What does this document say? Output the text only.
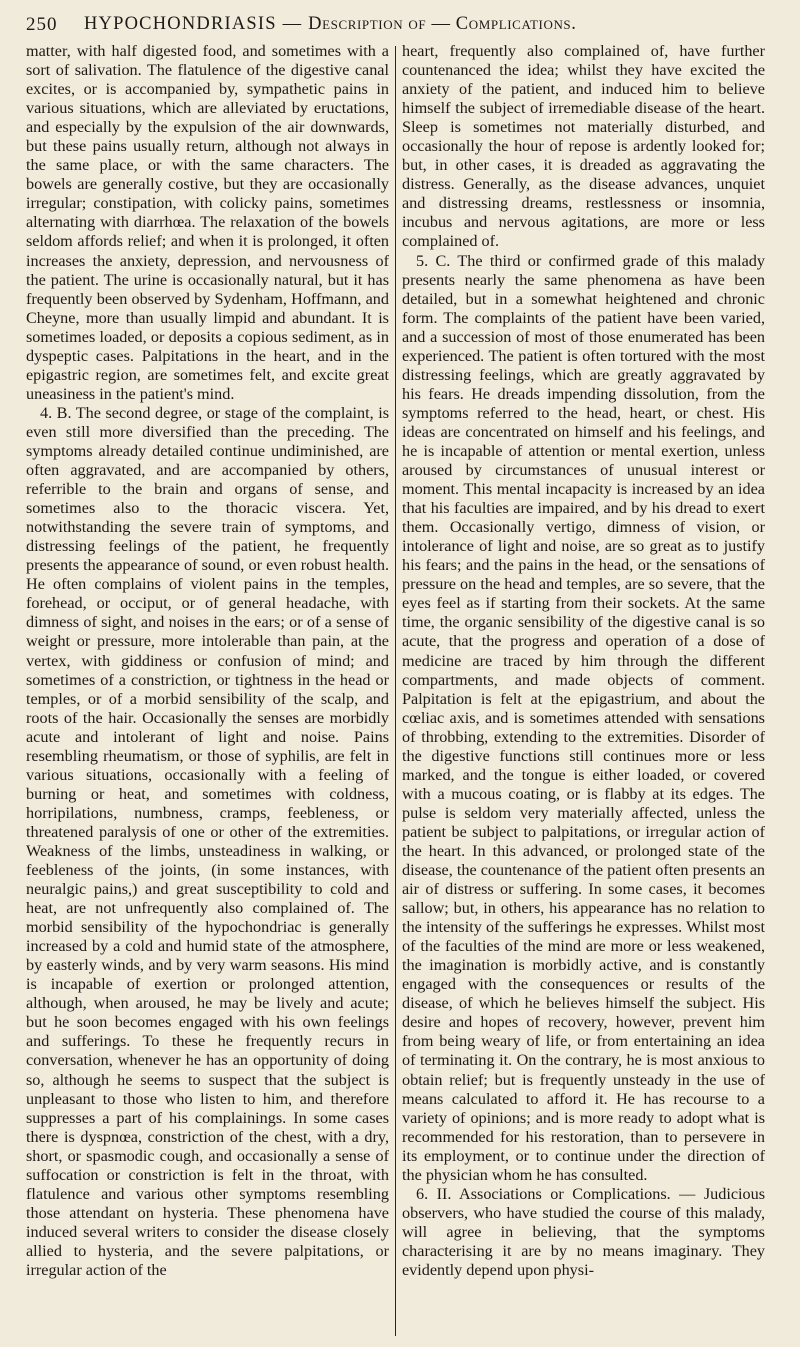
250 HYPOCHONDRIASIS — Description of — Complications.

matter, with half digested food, and sometimes with a sort of salivation. The flatulence of the digestive canal excites, or is accompanied by, sympathetic pains in various situations, which are alleviated by eructations, and especially by the expulsion of the air downwards, but these pains usually return, although not always in the same place, or with the same characters. The bowels are generally costive, but they are occasionally irregular; constipation, with colicky pains, sometimes alternating with diarrhœa. The relaxation of the bowels seldom affords relief; and when it is prolonged, it often increases the anxiety, depression, and nervousness of the patient. The urine is occasionally natural, but it has frequently been observed by Sydenham, Hoffmann, and Cheyne, more than usually limpid and abundant. It is sometimes loaded, or deposits a copious sediment, as in dyspeptic cases. Palpitations in the heart, and in the epigastric region, are sometimes felt, and excite great uneasiness in the patient's mind.

4. B. The second degree, or stage of the complaint, is even still more diversified than the preceding. The symptoms already detailed continue undiminished, are often aggravated, and are accompanied by others, referrible to the brain and organs of sense, and sometimes also to the thoracic viscera. Yet, notwithstanding the severe train of symptoms, and distressing feelings of the patient, he frequently presents the appearance of sound, or even robust health. He often complains of violent pains in the temples, forehead, or occiput, or of general headache, with dimness of sight, and noises in the ears; or of a sense of weight or pressure, more intolerable than pain, at the vertex, with giddiness or confusion of mind; and sometimes of a constriction, or tightness in the head or temples, or of a morbid sensibility of the scalp, and roots of the hair. Occasionally the senses are morbidly acute and intolerant of light and noise. Pains resembling rheumatism, or those of syphilis, are felt in various situations, occasionally with a feeling of burning or heat, and sometimes with coldness, horripilations, numbness, cramps, feebleness, or threatened paralysis of one or other of the extremities. Weakness of the limbs, unsteadiness in walking, or feebleness of the joints, (in some instances, with neuralgic pains,) and great susceptibility to cold and heat, are not unfrequently also complained of. The morbid sensibility of the hypochondriac is generally increased by a cold and humid state of the atmosphere, by easterly winds, and by very warm seasons. His mind is incapable of exertion or prolonged attention, although, when aroused, he may be lively and acute; but he soon becomes engaged with his own feelings and sufferings. To these he frequently recurs in conversation, whenever he has an opportunity of doing so, although he seems to suspect that the subject is unpleasant to those who listen to him, and therefore suppresses a part of his complainings. In some cases there is dyspnœa, constriction of the chest, with a dry, short, or spasmodic cough, and occasionally a sense of suffocation or constriction is felt in the throat, with flatulence and various other symptoms resembling those attendant on hysteria. These phenomena have induced several writers to consider the disease closely allied to hysteria, and the severe palpitations, or irregular action of the

heart, frequently also complained of, have further countenanced the idea; whilst they have excited the anxiety of the patient, and induced him to believe himself the subject of irremediable disease of the heart. Sleep is sometimes not materially disturbed, and occasionally the hour of repose is ardently looked for; but, in other cases, it is dreaded as aggravating the distress. Generally, as the disease advances, unquiet and distressing dreams, restlessness or insomnia, incubus and nervous agitations, are more or less complained of.

5. C. The third or confirmed grade of this malady presents nearly the same phenomena as have been detailed, but in a somewhat heightened and chronic form. The complaints of the patient have been varied, and a succession of most of those enumerated has been experienced. The patient is often tortured with the most distressing feelings, which are greatly aggravated by his fears. He dreads impending dissolution, from the symptoms referred to the head, heart, or chest. His ideas are concentrated on himself and his feelings, and he is incapable of attention or mental exertion, unless aroused by circumstances of unusual interest or moment. This mental incapacity is increased by an idea that his faculties are impaired, and by his dread to exert them. Occasionally vertigo, dimness of vision, or intolerance of light and noise, are so great as to justify his fears; and the pains in the head, or the sensations of pressure on the head and temples, are so severe, that the eyes feel as if starting from their sockets. At the same time, the organic sensibility of the digestive canal is so acute, that the progress and operation of a dose of medicine are traced by him through the different compartments, and made objects of comment. Palpitation is felt at the epigastrium, and about the cœliac axis, and is sometimes attended with sensations of throbbing, extending to the extremities. Disorder of the digestive functions still continues more or less marked, and the tongue is either loaded, or covered with a mucous coating, or is flabby at its edges. The pulse is seldom very materially affected, unless the patient be subject to palpitations, or irregular action of the heart. In this advanced, or prolonged state of the disease, the countenance of the patient often presents an air of distress or suffering. In some cases, it becomes sallow; but, in others, his appearance has no relation to the intensity of the sufferings he expresses. Whilst most of the faculties of the mind are more or less weakened, the imagination is morbidly active, and is constantly engaged with the consequences or results of the disease, of which he believes himself the subject. His desire and hopes of recovery, however, prevent him from being weary of life, or from entertaining an idea of terminating it. On the contrary, he is most anxious to obtain relief; but is frequently unsteady in the use of means calculated to afford it. He has recourse to a variety of opinions; and is more ready to adopt what is recommended for his restoration, than to persevere in its employment, or to continue under the direction of the physician whom he has consulted.

6. II. Associations or Complications. — Judicious observers, who have studied the course of this malady, will agree in believing, that the symptoms characterising it are by no means imaginary. They evidently depend upon physi-
